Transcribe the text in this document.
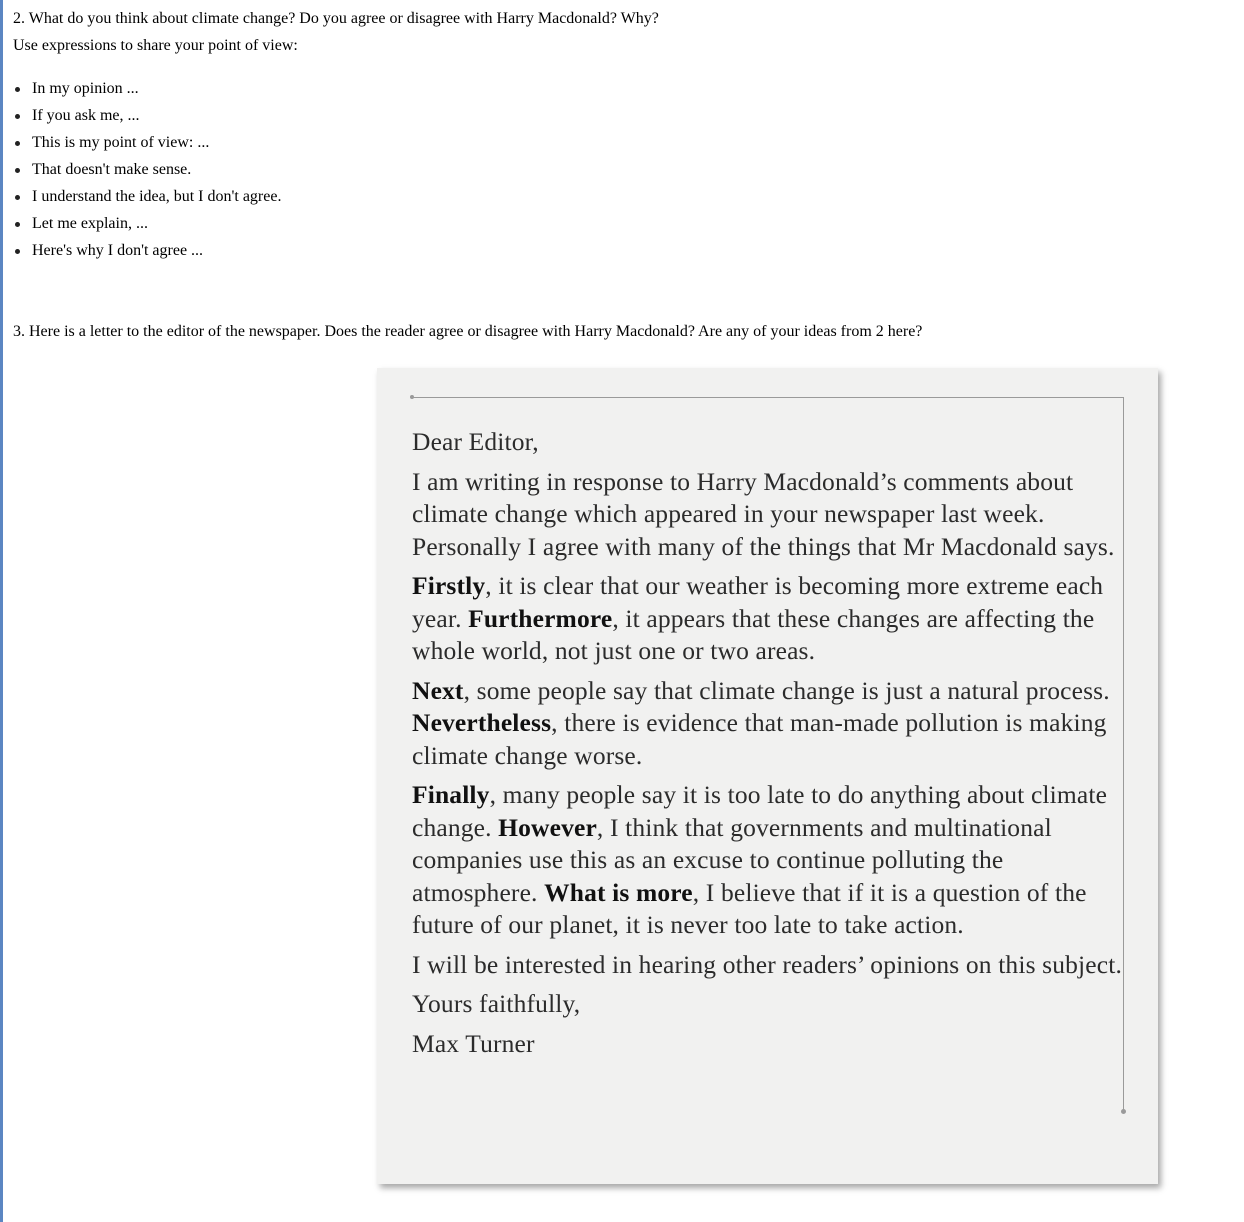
2. What do you think about climate change? Do you agree or disagree with Harry Macdonald? Why?
Use expressions to share your point of view:
In my opinion ...
If you ask me, ...
This is my point of view: ...
That doesn't make sense.
I understand the idea, but I don't agree.
Let me explain, ...
Here's why I don't agree ...
3. Here is a letter to the editor of the newspaper. Does the reader agree or disagree with Harry Macdonald? Are any of your ideas from 2 here?

Dear Editor,

I am writing in response to Harry Macdonald’s comments about climate change which appeared in your newspaper last week. Personally I agree with many of the things that Mr Macdonald says.

Firstly, it is clear that our weather is becoming more extreme each year. Furthermore, it appears that these changes are affecting the whole world, not just one or two areas.

Next, some people say that climate change is just a natural process. Nevertheless, there is evidence that man-made pollution is making climate change worse.

Finally, many people say it is too late to do anything about climate change. However, I think that governments and multinational companies use this as an excuse to continue polluting the atmosphere. What is more, I believe that if it is a question of the future of our planet, it is never too late to take action.

I will be interested in hearing other readers’ opinions on this subject.

Yours faithfully,

Max Turner
